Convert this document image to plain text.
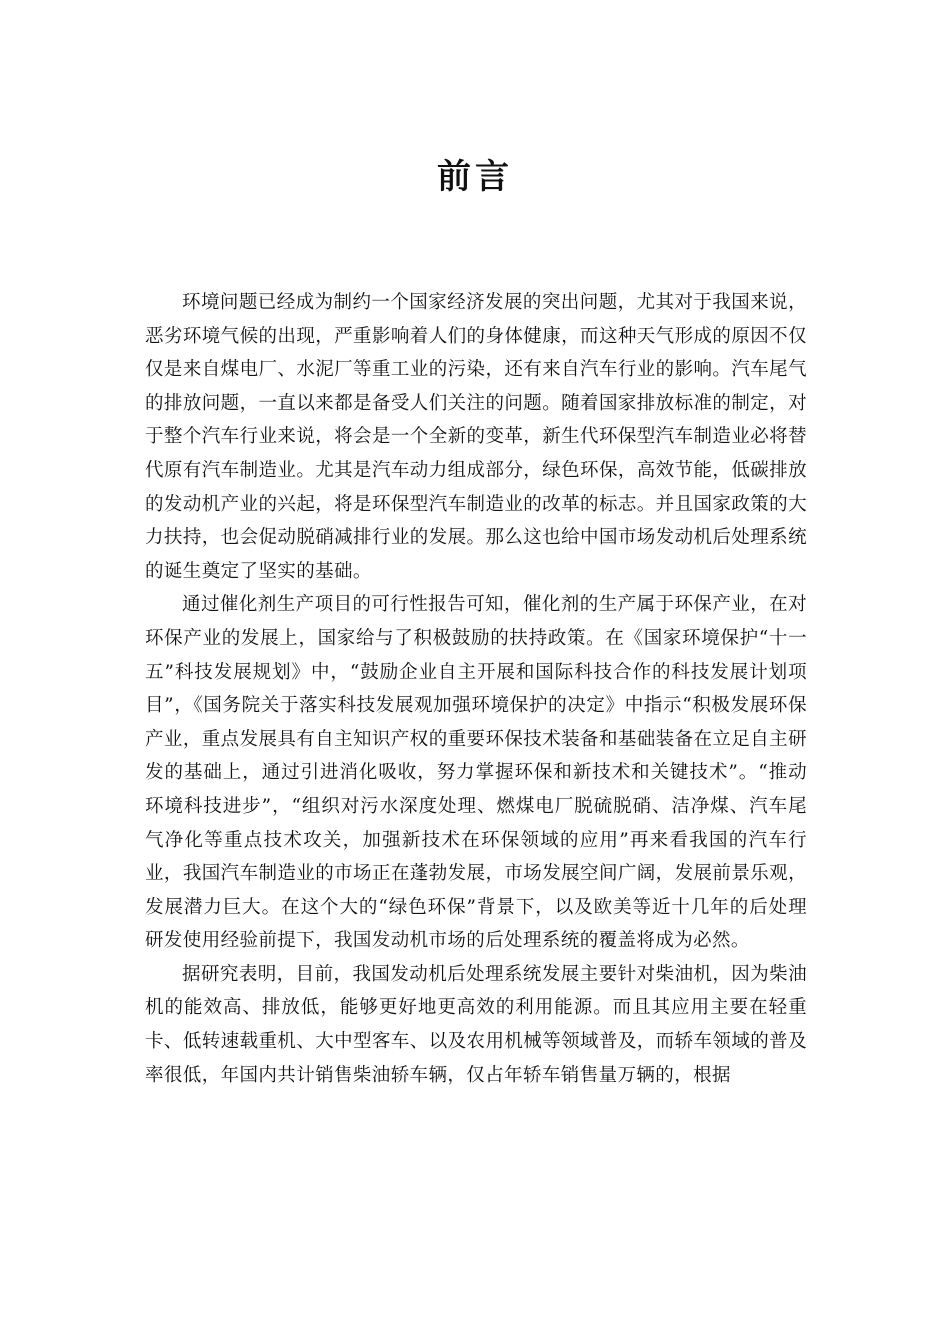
前言

环境问题已经成为制约一个国家经济发展的突出问题，尤其对于我国来说，恶劣环境气候的出现，严重影响着人们的身体健康，而这种天气形成的原因不仅仅是来自煤电厂、水泥厂等重工业的污染，还有来自汽车行业的影响。汽车尾气的排放问题，一直以来都是备受人们关注的问题。随着国家排放标准的制定，对于整个汽车行业来说，将会是一个全新的变革，新生代环保型汽车制造业必将替代原有汽车制造业。尤其是汽车动力组成部分，绿色环保，高效节能，低碳排放的发动机产业的兴起，将是环保型汽车制造业的改革的标志。并且国家政策的大力扶持，也会促动脱硝减排行业的发展。那么这也给中国市场发动机后处理系统的诞生奠定了坚实的基础。

通过催化剂生产项目的可行性报告可知，催化剂的生产属于环保产业，在对环保产业的发展上，国家给与了积极鼓励的扶持政策。在《国家环境保护“十一五”科技发展规划》中，“鼓励企业自主开展和国际科技合作的科技发展计划项目”，《国务院关于落实科技发展观加强环境保护的决定》中指示“积极发展环保产业，重点发展具有自主知识产权的重要环保技术装备和基础装备在立足自主研发的基础上，通过引进消化吸收，努力掌握环保和新技术和关键技术”。“推动环境科技进步”，“组织对污水深度处理、燃煤电厂脱硫脱硝、洁净煤、汽车尾气净化等重点技术攻关，加强新技术在环保领域的应用”再来看我国的汽车行业，我国汽车制造业的市场正在蓬勃发展，市场发展空间广阔，发展前景乐观，发展潜力巨大。在这个大的“绿色环保”背景下，以及欧美等近十几年的后处理研发使用经验前提下，我国发动机市场的后处理系统的覆盖将成为必然。

据研究表明，目前，我国发动机后处理系统发展主要针对柴油机，因为柴油机的能效高、排放低，能够更好地更高效的利用能源。而且其应用主要在轻重卡、低转速载重机、大中型客车、以及农用机械等领域普及，而轿车领域的普及率很低，年国内共计销售柴油轿车辆，仅占年轿车销售量万辆的，根据
